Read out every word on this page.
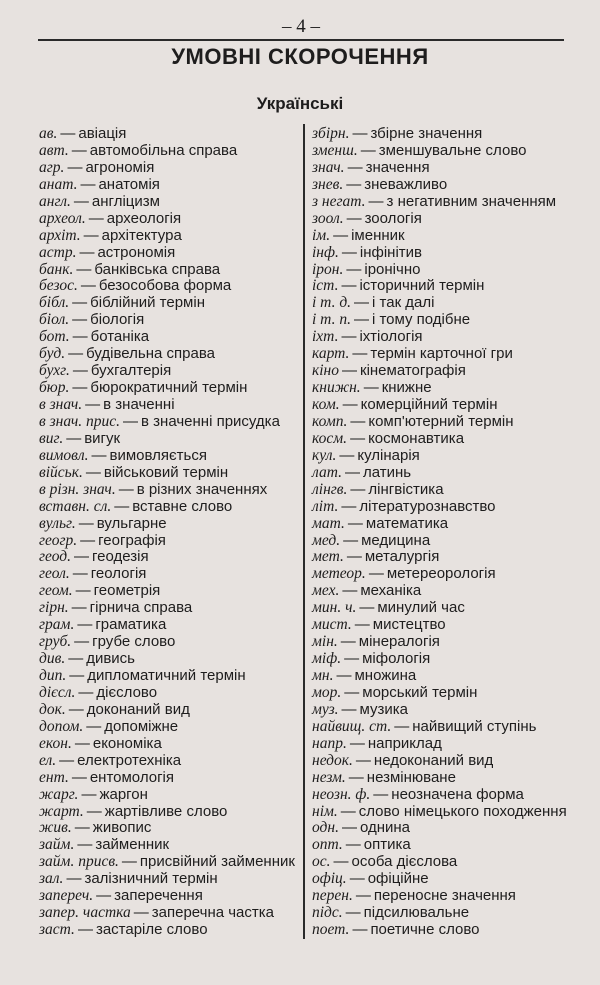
– 4 –
УМОВНІ СКОРОЧЕННЯ
Українські
ав. — авіація
авт. — автомобільна справа
агр. — агрономія
анат. — анатомія
англ. — англіцизм
археол. — археологія
архіт. — архітектура
астр. — астрономія
банк. — банківська справа
безос. — безособова форма
бібл. — біблійний термін
біол. — біологія
бот. — ботаніка
буд. — будівельна справа
бухг. — бухгалтерія
бюр. — бюрократичний термін
в знач. — в значенні
в знач. прис. — в значенні присудка
виг. — вигук
вимовл. — вимовляється
військ. — військовий термін
в різн. знач. — в різних значеннях
вставн. сл. — вставне слово
вульг. — вульгарне
геогр. — географія
геод. — геодезія
геол. — геологія
геом. — геометрія
гірн. — гірнича справа
грам. — граматика
груб. — грубе слово
див. — дивись
дип. — дипломатичний термін
дієсл. — дієслово
док. — доконаний вид
допом. — допоміжне
екон. — економіка
ел. — електротехніка
ент. — ентомологія
жарг. — жаргон
жарт. — жартівливе слово
жив. — живопис
займ. — займенник
займ. присв. — присвійний займенник
зал. — залізничний термін
запереч. — заперечення
запер. частка — заперечна частка
заст. — застаріле слово
збірн. — збірне значення
зменш. — зменшувальне слово
знач. — значення
знев. — зневажливо
з негат. — з негативним значенням
зоол. — зоологія
ім. — іменник
інф. — інфінітив
ірон. — іронічно
іст. — історичний термін
і т. д. — і так далі
і т. п. — і тому подібне
іхт. — іхтіологія
карт. — термін карточної гри
кіно — кінематографія
книжн. — книжне
ком. — комерційний термін
комп. — комп'ютерний термін
косм. — космонавтика
кул. — кулінарія
лат. — латинь
лінгв. — лінгвістика
літ. — літературознавство
мат. — математика
мед. — медицина
мет. — металургія
метеор. — метереорологія
мех. — механіка
мин. ч. — минулий час
мист. — мистецтво
мін. — мінералогія
міф. — міфологія
мн. — множина
мор. — морський термін
муз. — музика
найвищ. ст. — найвищий ступінь
напр. — наприклад
недок. — недоконаний вид
незм. — незмінюване
неозн. ф. — неозначена форма
нім. — слово німецького походження
одн. — однина
опт. — оптика
ос. — особа дієслова
офіц. — офіційне
перен. — переносне значення
підс. — підсилювальне
поет. — поетичне слово
